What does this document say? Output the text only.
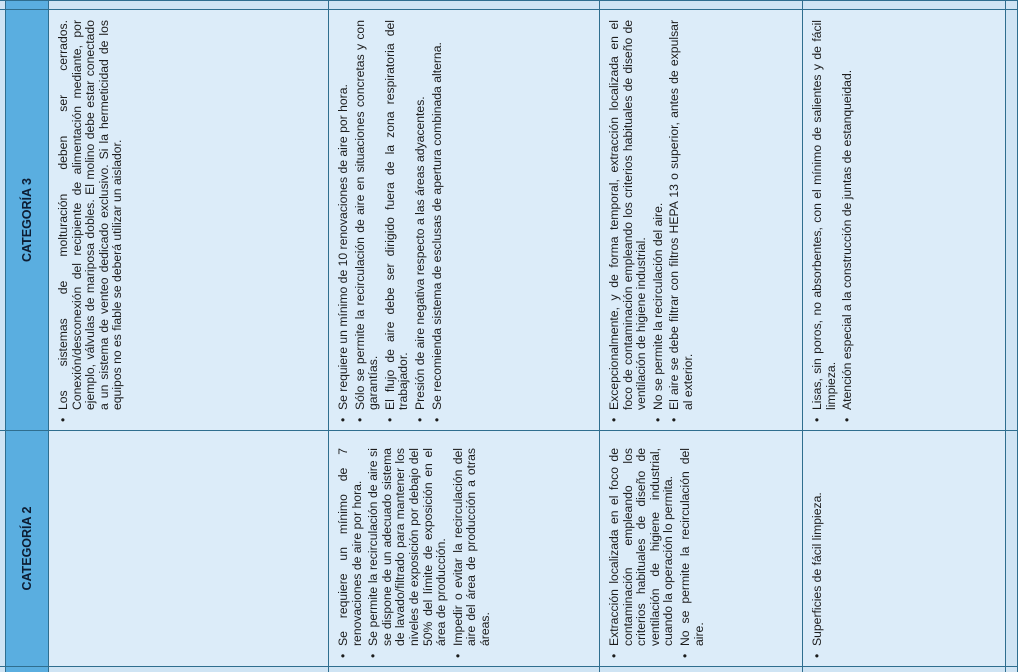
CATEGORÍA 2
CATEGORÍA 3	• Los sistemas de molturación deben ser cerrados. Conexión/desconexión del recipiente de alimentación mediante, por ejemplo, válvulas de mariposa dobles. El molino debe estar conectado a un sistema de venteo dedicado exclusivo. Si la hermeticidad de los equipos no es fiable se deberá utilizar un aislador.
• Se requiere un mínimo de 7 renovaciones de aire por hora. • Se permite la recirculación de aire si se dispone de un adecuado sistema de lavado/filtrado para mantener los niveles de exposición por debajo del 50% del límite de exposición en el área de producción. • Impedir o evitar la recirculación del aire del área de producción a otras áreas.
• Se requiere un mínimo de 10 renovaciones de aire por hora. • Sólo se permite la recirculación de aire en situaciones concretas y con garantías. • El flujo de aire debe ser dirigido fuera de la zona respiratoria del trabajador. • Presión de aire negativa respecto a las áreas adyacentes. • Se recomienda sistema de esclusas de apertura combinada alterna.
• Extracción localizada en el foco de contaminación empleando los criterios habituales de diseño de ventilación de higiene industrial, cuando la operación lo permita. • No se permite la recirculación del aire.
• Excepcionalmente, y de forma temporal, extracción localizada en el foco de contaminación empleando los criterios habituales de diseño de ventilación de higiene industrial. • No se permite la recirculación del aire. • El aire se debe filtrar con filtros HEPA 13 o superior, antes de expulsar al exterior.
• Superficies de fácil limpieza.
• Lisas, sin poros, no absorbentes, con el mínimo de salientes y de fácil limpieza. • Atención especial a la construcción de juntas de estanqueidad.
